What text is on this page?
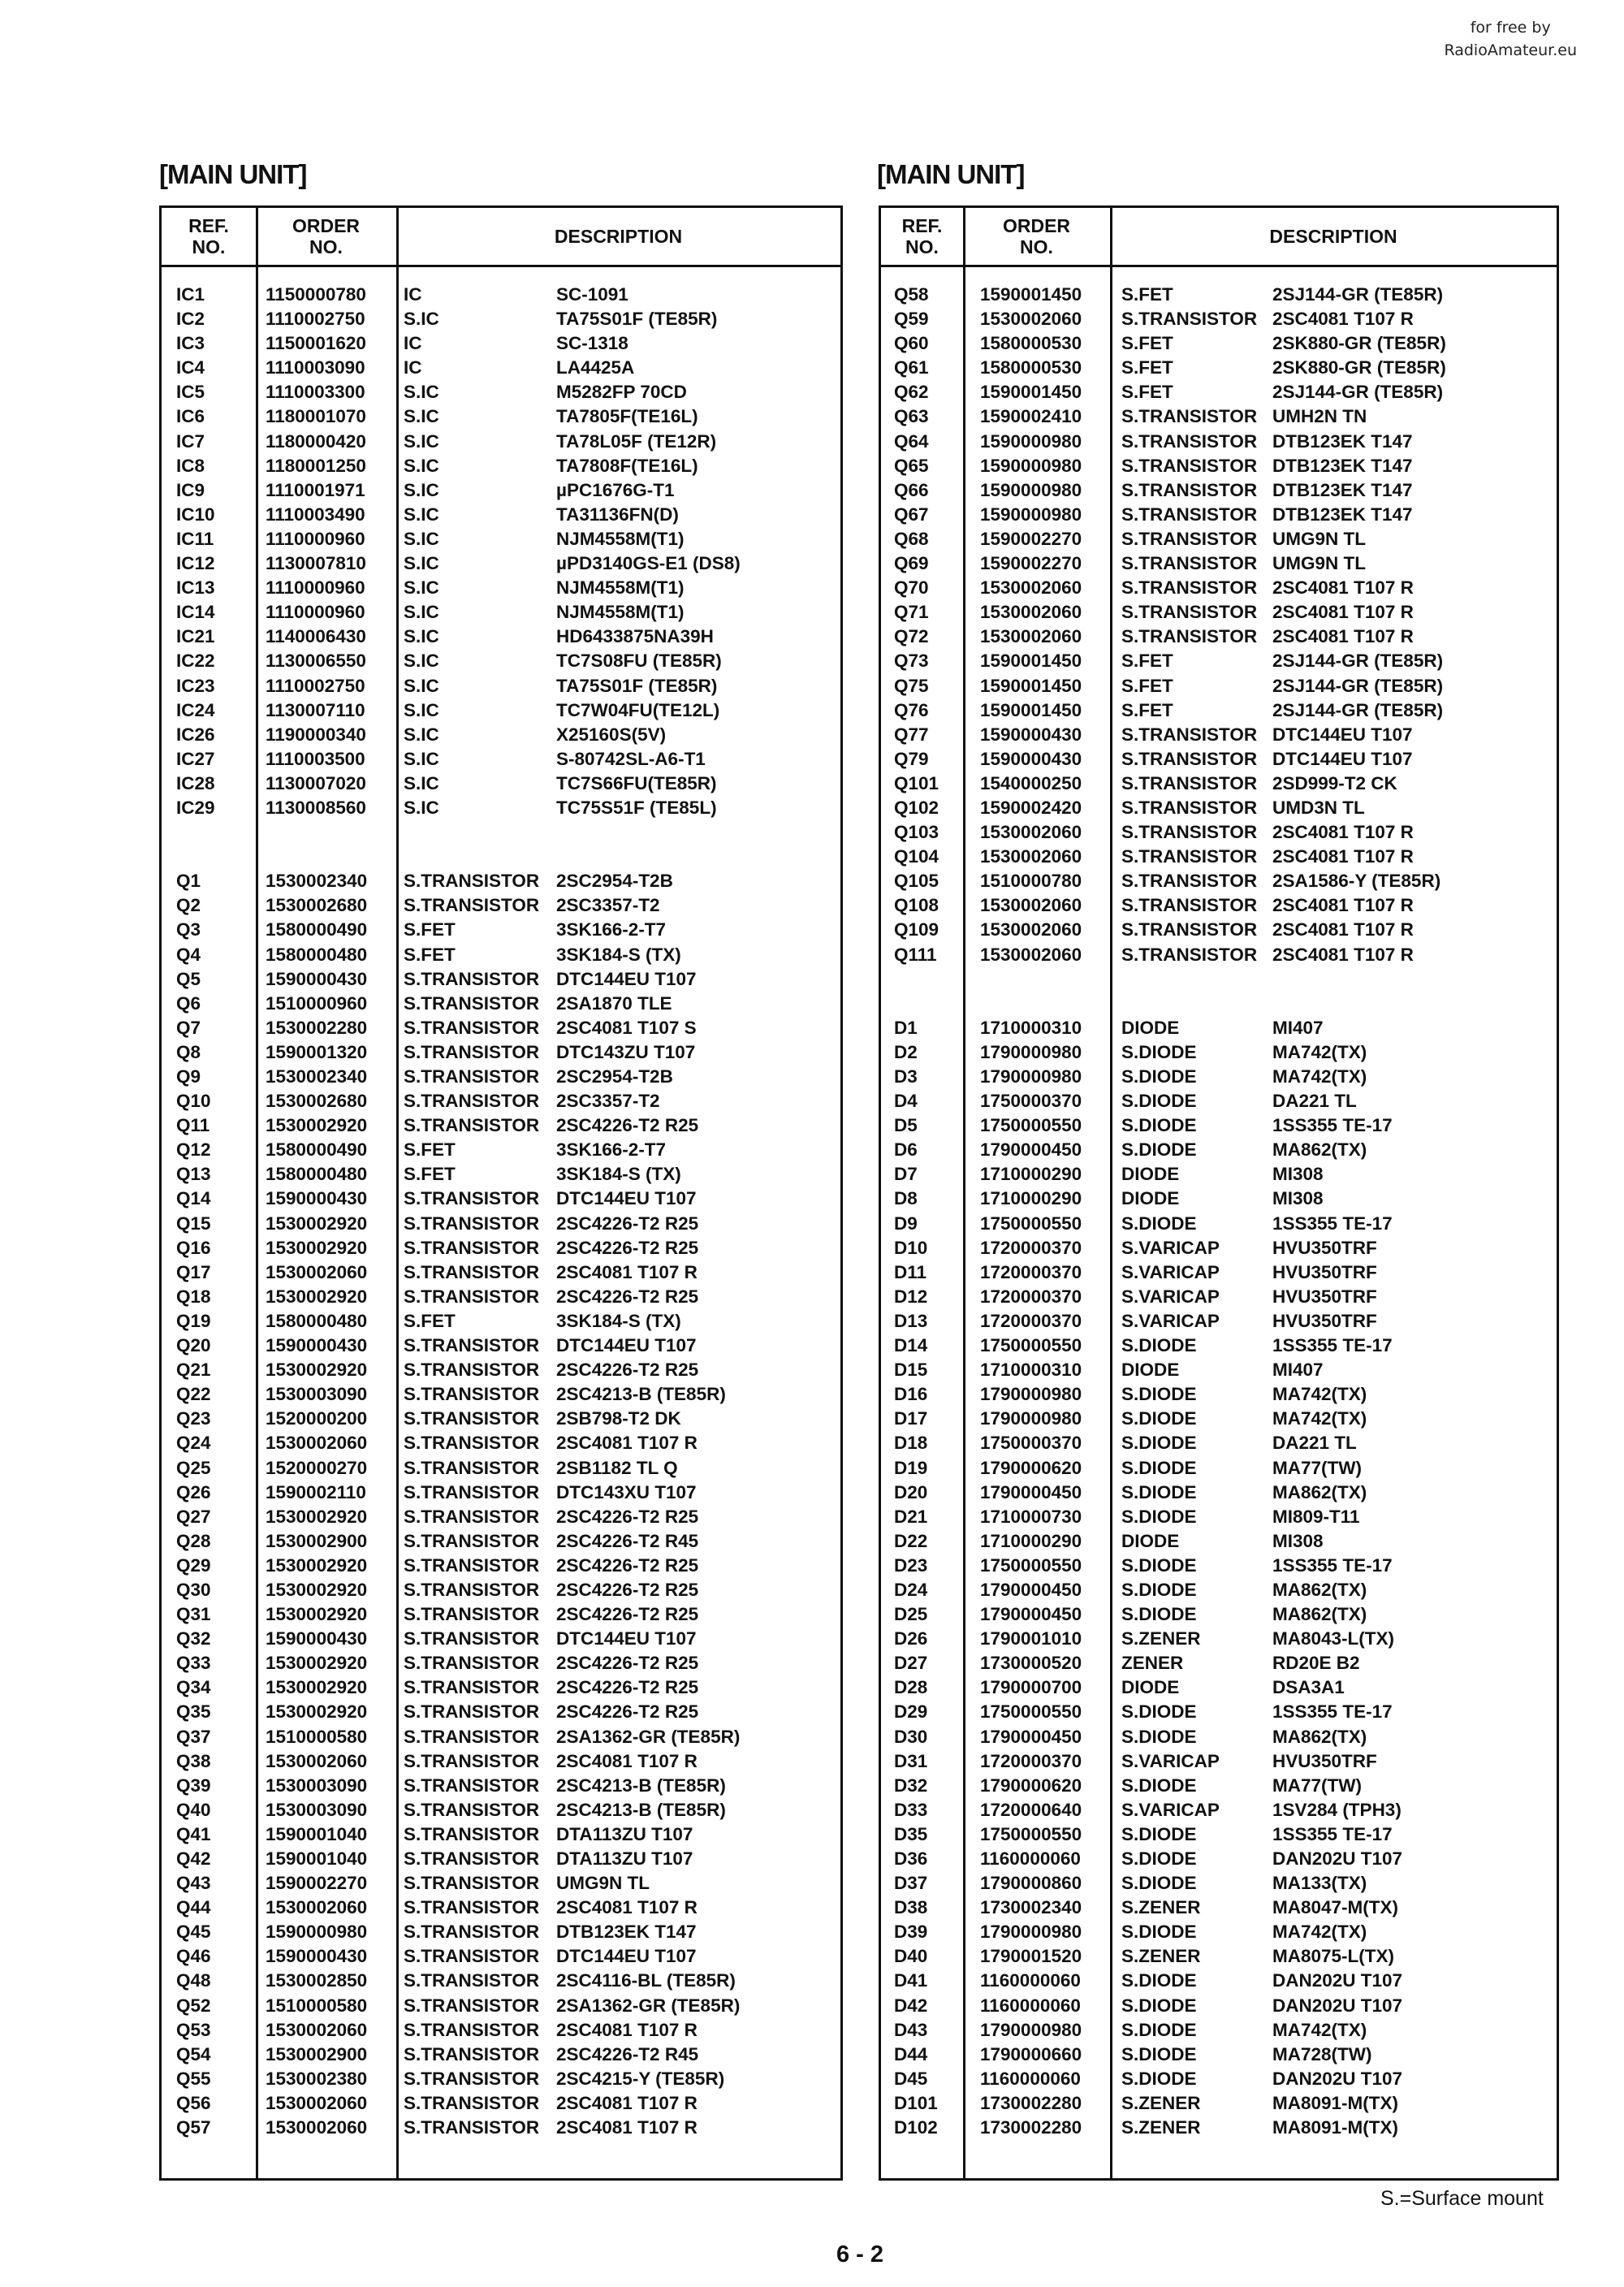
for free by
RadioAmateur.eu
[MAIN UNIT]	[MAIN UNIT]
REF.
NO.
ORDER
NO.	DESCRIPTION
IC1	1150000780 IC	SC-1091
IC2	1110002750 S.IC	TA75S01F (TE85R)
IC3	1150001620 IC	SC-1318
IC4	1110003090 IC	LA4425A
IC5	1110003300 S.IC	M5282FP 70CD
IC6	1180001070 S.IC	TA7805F(TE16L)
IC7	1180000420 S.IC	TA78L05F (TE12R)
IC8	1180001250 S.IC	TA7808F(TE16L)
IC9	1110001971 S.IC	µPC1676G-T1
IC10	1110003490 S.IC	TA31136FN(D)
IC11	1110000960 S.IC	NJM4558M(T1)
IC12	1130007810 S.IC	µPD3140GS-E1 (DS8)
IC13	1110000960 S.IC	NJM4558M(T1)
IC14	1110000960 S.IC	NJM4558M(T1)
IC21	1140006430 S.IC	HD6433875NA39H
IC22	1130006550 S.IC	TC7S08FU (TE85R)
IC23	1110002750 S.IC	TA75S01F (TE85R)
IC24	1130007110 S.IC	TC7W04FU(TE12L)
IC26	1190000340 S.IC	X25160S(5V)
IC27	1110003500 S.IC	S-80742SL-A6-T1
IC28	1130007020 S.IC	TC7S66FU(TE85R)
IC29	1130008560 S.IC	TC75S51F (TE85L)
Q1	1530002340 S.TRANSISTOR 2SC2954-T2B
Q2	1530002680 S.TRANSISTOR 2SC3357-T2
Q3	1580000490 S.FET	3SK166-2-T7
Q4	1580000480 S.FET	3SK184-S (TX)
Q5	1590000430 S.TRANSISTOR DTC144EU T107
Q6	1510000960 S.TRANSISTOR 2SA1870 TLE
Q7	1530002280 S.TRANSISTOR 2SC4081 T107 S
Q8	1590001320 S.TRANSISTOR DTC143ZU T107
Q9	1530002340 S.TRANSISTOR 2SC2954-T2B
Q10	1530002680 S.TRANSISTOR 2SC3357-T2
Q11	1530002920 S.TRANSISTOR 2SC4226-T2 R25
Q12	1580000490 S.FET	3SK166-2-T7
Q13	1580000480 S.FET	3SK184-S (TX)
Q14	1590000430 S.TRANSISTOR DTC144EU T107
Q15	1530002920 S.TRANSISTOR 2SC4226-T2 R25
Q16	1530002920 S.TRANSISTOR 2SC4226-T2 R25
Q17	1530002060 S.TRANSISTOR 2SC4081 T107 R
Q18	1530002920 S.TRANSISTOR 2SC4226-T2 R25
Q19	1580000480 S.FET	3SK184-S (TX)
Q20	1590000430 S.TRANSISTOR DTC144EU T107
Q21	1530002920 S.TRANSISTOR 2SC4226-T2 R25
Q22	1530003090 S.TRANSISTOR 2SC4213-B (TE85R)
Q23	1520000200 S.TRANSISTOR 2SB798-T2 DK
Q24	1530002060 S.TRANSISTOR 2SC4081 T107 R
Q25	1520000270 S.TRANSISTOR 2SB1182 TL Q
Q26	1590002110 S.TRANSISTOR DTC143XU T107
Q27	1530002920 S.TRANSISTOR 2SC4226-T2 R25
Q28	1530002900 S.TRANSISTOR 2SC4226-T2 R45
Q29	1530002920 S.TRANSISTOR 2SC4226-T2 R25
Q30	1530002920 S.TRANSISTOR 2SC4226-T2 R25
Q31	1530002920 S.TRANSISTOR 2SC4226-T2 R25
Q32	1590000430 S.TRANSISTOR DTC144EU T107
Q33	1530002920 S.TRANSISTOR 2SC4226-T2 R25
Q34	1530002920 S.TRANSISTOR 2SC4226-T2 R25
Q35	1530002920 S.TRANSISTOR 2SC4226-T2 R25
Q37	1510000580 S.TRANSISTOR 2SA1362-GR (TE85R)
Q38	1530002060 S.TRANSISTOR 2SC4081 T107 R
Q39	1530003090 S.TRANSISTOR 2SC4213-B (TE85R)
Q40	1530003090 S.TRANSISTOR 2SC4213-B (TE85R)
Q41	1590001040 S.TRANSISTOR DTA113ZU T107
Q42	1590001040 S.TRANSISTOR DTA113ZU T107
Q43	1590002270 S.TRANSISTOR UMG9N TL
Q44	1530002060 S.TRANSISTOR 2SC4081 T107 R
Q45	1590000980 S.TRANSISTOR DTB123EK T147
Q46	1590000430 S.TRANSISTOR DTC144EU T107
Q48	1530002850 S.TRANSISTOR 2SC4116-BL (TE85R)
Q52	1510000580 S.TRANSISTOR 2SA1362-GR (TE85R)
Q53	1530002060 S.TRANSISTOR 2SC4081 T107 R
Q54	1530002900 S.TRANSISTOR 2SC4226-T2 R45
Q55	1530002380 S.TRANSISTOR 2SC4215-Y (TE85R)
Q56	1530002060 S.TRANSISTOR 2SC4081 T107 R
Q57	1530002060 S.TRANSISTOR 2SC4081 T107 R
REF.
NO.
ORDER
NO.	DESCRIPTION
Q58	1590001450 S.FET	2SJ144-GR (TE85R)
Q59	1530002060 S.TRANSISTOR 2SC4081 T107 R
Q60	1580000530 S.FET	2SK880-GR (TE85R)
Q61	1580000530 S.FET	2SK880-GR (TE85R)
Q62	1590001450 S.FET	2SJ144-GR (TE85R)
Q63	1590002410 S.TRANSISTOR UMH2N TN
Q64	1590000980 S.TRANSISTOR DTB123EK T147
Q65	1590000980 S.TRANSISTOR DTB123EK T147
Q66	1590000980 S.TRANSISTOR DTB123EK T147
Q67	1590000980 S.TRANSISTOR DTB123EK T147
Q68	1590002270 S.TRANSISTOR UMG9N TL
Q69	1590002270 S.TRANSISTOR UMG9N TL
Q70	1530002060 S.TRANSISTOR 2SC4081 T107 R
Q71	1530002060 S.TRANSISTOR 2SC4081 T107 R
Q72	1530002060 S.TRANSISTOR 2SC4081 T107 R
Q73	1590001450 S.FET	2SJ144-GR (TE85R)
Q75	1590001450 S.FET	2SJ144-GR (TE85R)
Q76	1590001450 S.FET	2SJ144-GR (TE85R)
Q77	1590000430 S.TRANSISTOR DTC144EU T107
Q79	1590000430 S.TRANSISTOR DTC144EU T107
Q101 1540000250 S.TRANSISTOR 2SD999-T2 CK
Q102 1590002420 S.TRANSISTOR UMD3N TL
Q103 1530002060 S.TRANSISTOR 2SC4081 T107 R
Q104 1530002060 S.TRANSISTOR 2SC4081 T107 R
Q105 1510000780 S.TRANSISTOR 2SA1586-Y (TE85R)
Q108 1530002060 S.TRANSISTOR 2SC4081 T107 R
Q109 1530002060 S.TRANSISTOR 2SC4081 T107 R
Q111 1530002060 S.TRANSISTOR 2SC4081 T107 R
D1	1710000310 DIODE	MI407
D2	1790000980 S.DIODE	MA742(TX)
D3	1790000980 S.DIODE	MA742(TX)
D4	1750000370 S.DIODE	DA221 TL
D5	1750000550 S.DIODE	1SS355 TE-17
D6	1790000450 S.DIODE	MA862(TX)
D7	1710000290 DIODE	MI308
D8	1710000290 DIODE	MI308
D9	1750000550 S.DIODE	1SS355 TE-17
D10	1720000370 S.VARICAP	HVU350TRF
D11	1720000370 S.VARICAP	HVU350TRF
D12	1720000370 S.VARICAP	HVU350TRF
D13	1720000370 S.VARICAP	HVU350TRF
D14	1750000550 S.DIODE	1SS355 TE-17
D15	1710000310 DIODE	MI407
D16	1790000980 S.DIODE	MA742(TX)
D17	1790000980 S.DIODE	MA742(TX)
D18	1750000370 S.DIODE	DA221 TL
D19	1790000620 S.DIODE	MA77(TW)
D20	1790000450 S.DIODE	MA862(TX)
D21	1710000730 S.DIODE	MI809-T11
D22	1710000290 DIODE	MI308
D23	1750000550 S.DIODE	1SS355 TE-17
D24	1790000450 S.DIODE	MA862(TX)
D25	1790000450 S.DIODE	MA862(TX)
D26	1790001010 S.ZENER	MA8043-L(TX)
D27	1730000520 ZENER	RD20E B2
D28	1790000700 DIODE	DSA3A1
D29	1750000550 S.DIODE	1SS355 TE-17
D30	1790000450 S.DIODE	MA862(TX)
D31	1720000370 S.VARICAP	HVU350TRF
D32	1790000620 S.DIODE	MA77(TW)
D33	1720000640 S.VARICAP	1SV284 (TPH3)
D35	1750000550 S.DIODE	1SS355 TE-17
D36	1160000060 S.DIODE	DAN202U T107
D37	1790000860 S.DIODE	MA133(TX)
D38	1730002340 S.ZENER	MA8047-M(TX)
D39	1790000980 S.DIODE	MA742(TX)
D40	1790001520 S.ZENER	MA8075-L(TX)
D41	1160000060 S.DIODE	DAN202U T107
D42	1160000060 S.DIODE	DAN202U T107
D43	1790000980 S.DIODE	MA742(TX)
D44	1790000660 S.DIODE	MA728(TW)
D45	1160000060 S.DIODE	DAN202U T107
D101 1730002280 S.ZENER	MA8091-M(TX)
D102 1730002280 S.ZENER	MA8091-M(TX)
S.=Surface mount
6 - 2
